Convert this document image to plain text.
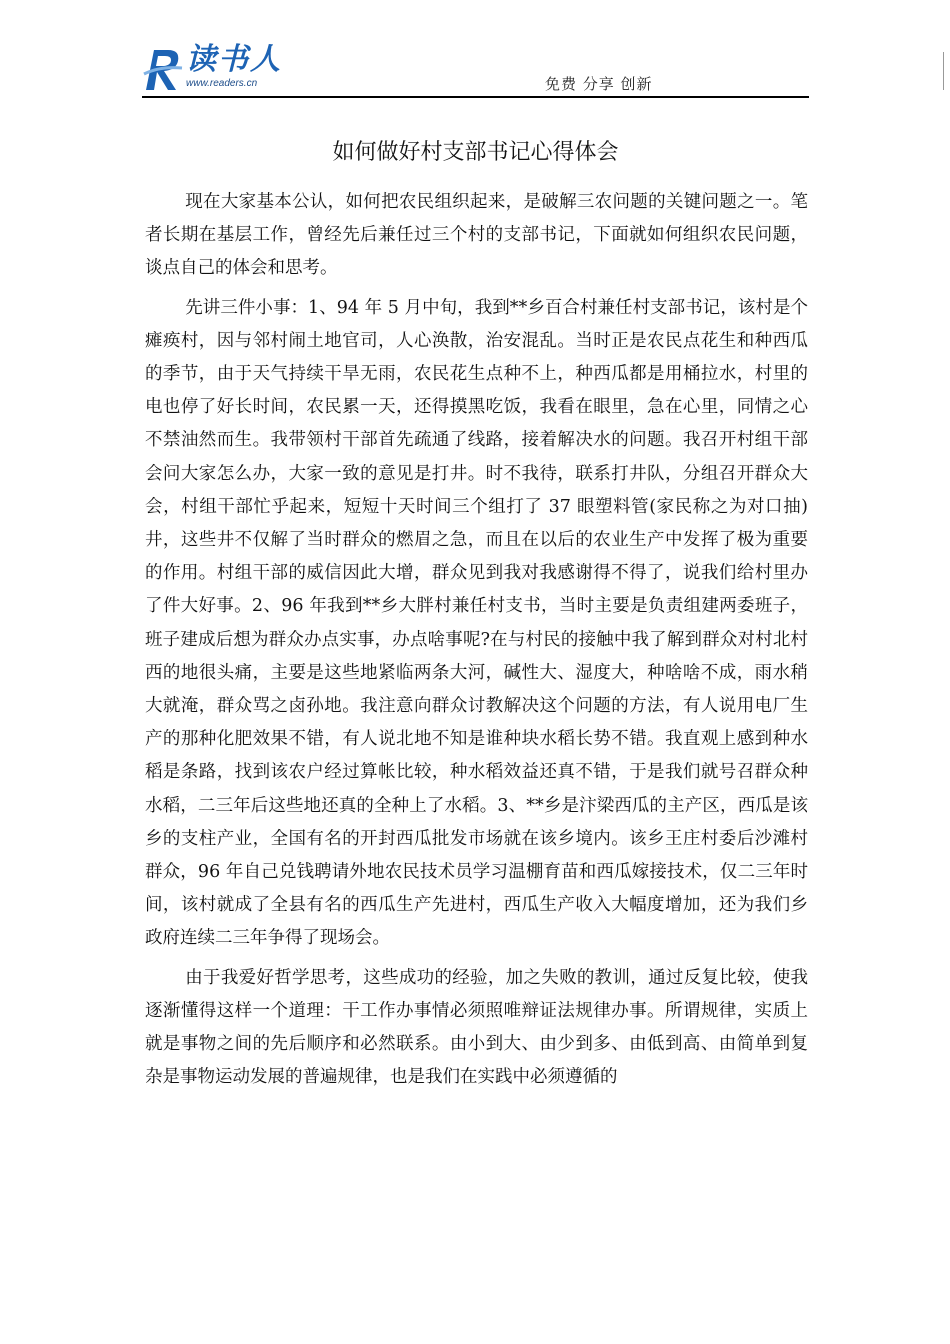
读书人
www.readers.cn	免费 分享 创新
如何做好村支部书记心得体会

现在大家基本公认，如何把农民组织起来，是破解三农问题的关键问题之一。笔者长期在基层工作，曾经先后兼任过三个村的支部书记，下面就如何组织农民问题，谈点自己的体会和思考。

先讲三件小事：1、94 年 5 月中旬，我到**乡百合村兼任村支部书记，该村是个瘫痪村，因与邻村闹土地官司，人心涣散，治安混乱。当时正是农民点花生和种西瓜的季节，由于天气持续干旱无雨，农民花生点种不上，种西瓜都是用桶拉水，村里的电也停了好长时间，农民累一天，还得摸黑吃饭，我看在眼里，急在心里，同情之心不禁油然而生。我带领村干部首先疏通了线路，接着解决水的问题。我召开村组干部会问大家怎么办，大家一致的意见是打井。时不我待，联系打井队，分组召开群众大会，村组干部忙乎起来，短短十天时间三个组打了 37 眼塑料管(家民称之为对口抽)井，这些井不仅解了当时群众的燃眉之急，而且在以后的农业生产中发挥了极为重要的作用。村组干部的威信因此大增，群众见到我对我感谢得不得了，说我们给村里办了件大好事。2、96 年我到**乡大胖村兼任村支书，当时主要是负责组建两委班子，班子建成后想为群众办点实事，办点啥事呢?在与村民的接触中我了解到群众对村北村西的地很头痛，主要是这些地紧临两条大河，碱性大、湿度大，种啥啥不成，雨水稍大就淹，群众骂之卤孙地。我注意向群众讨教解决这个问题的方法，有人说用电厂生产的那种化肥效果不错，有人说北地不知是谁种块水稻长势不错。我直观上感到种水稻是条路，找到该农户经过算帐比较，种水稻效益还真不错，于是我们就号召群众种水稻，二三年后这些地还真的全种上了水稻。3、**乡是汴梁西瓜的主产区，西瓜是该乡的支柱产业，全国有名的开封西瓜批发市场就在该乡境内。该乡王庄村委后沙滩村群众，96 年自己兑钱聘请外地农民技术员学习温棚育苗和西瓜嫁接技术，仅二三年时间，该村就成了全县有名的西瓜生产先进村，西瓜生产收入大幅度增加，还为我们乡政府连续二三年争得了现场会。

由于我爱好哲学思考，这些成功的经验，加之失败的教训，通过反复比较，使我逐渐懂得这样一个道理：干工作办事情必须照唯辩证法规律办事。所谓规律，实质上就是事物之间的先后顺序和必然联系。由小到大、由少到多、由低到高、由简单到复杂是事物运动发展的普遍规律，也是我们在实践中必须遵循的
